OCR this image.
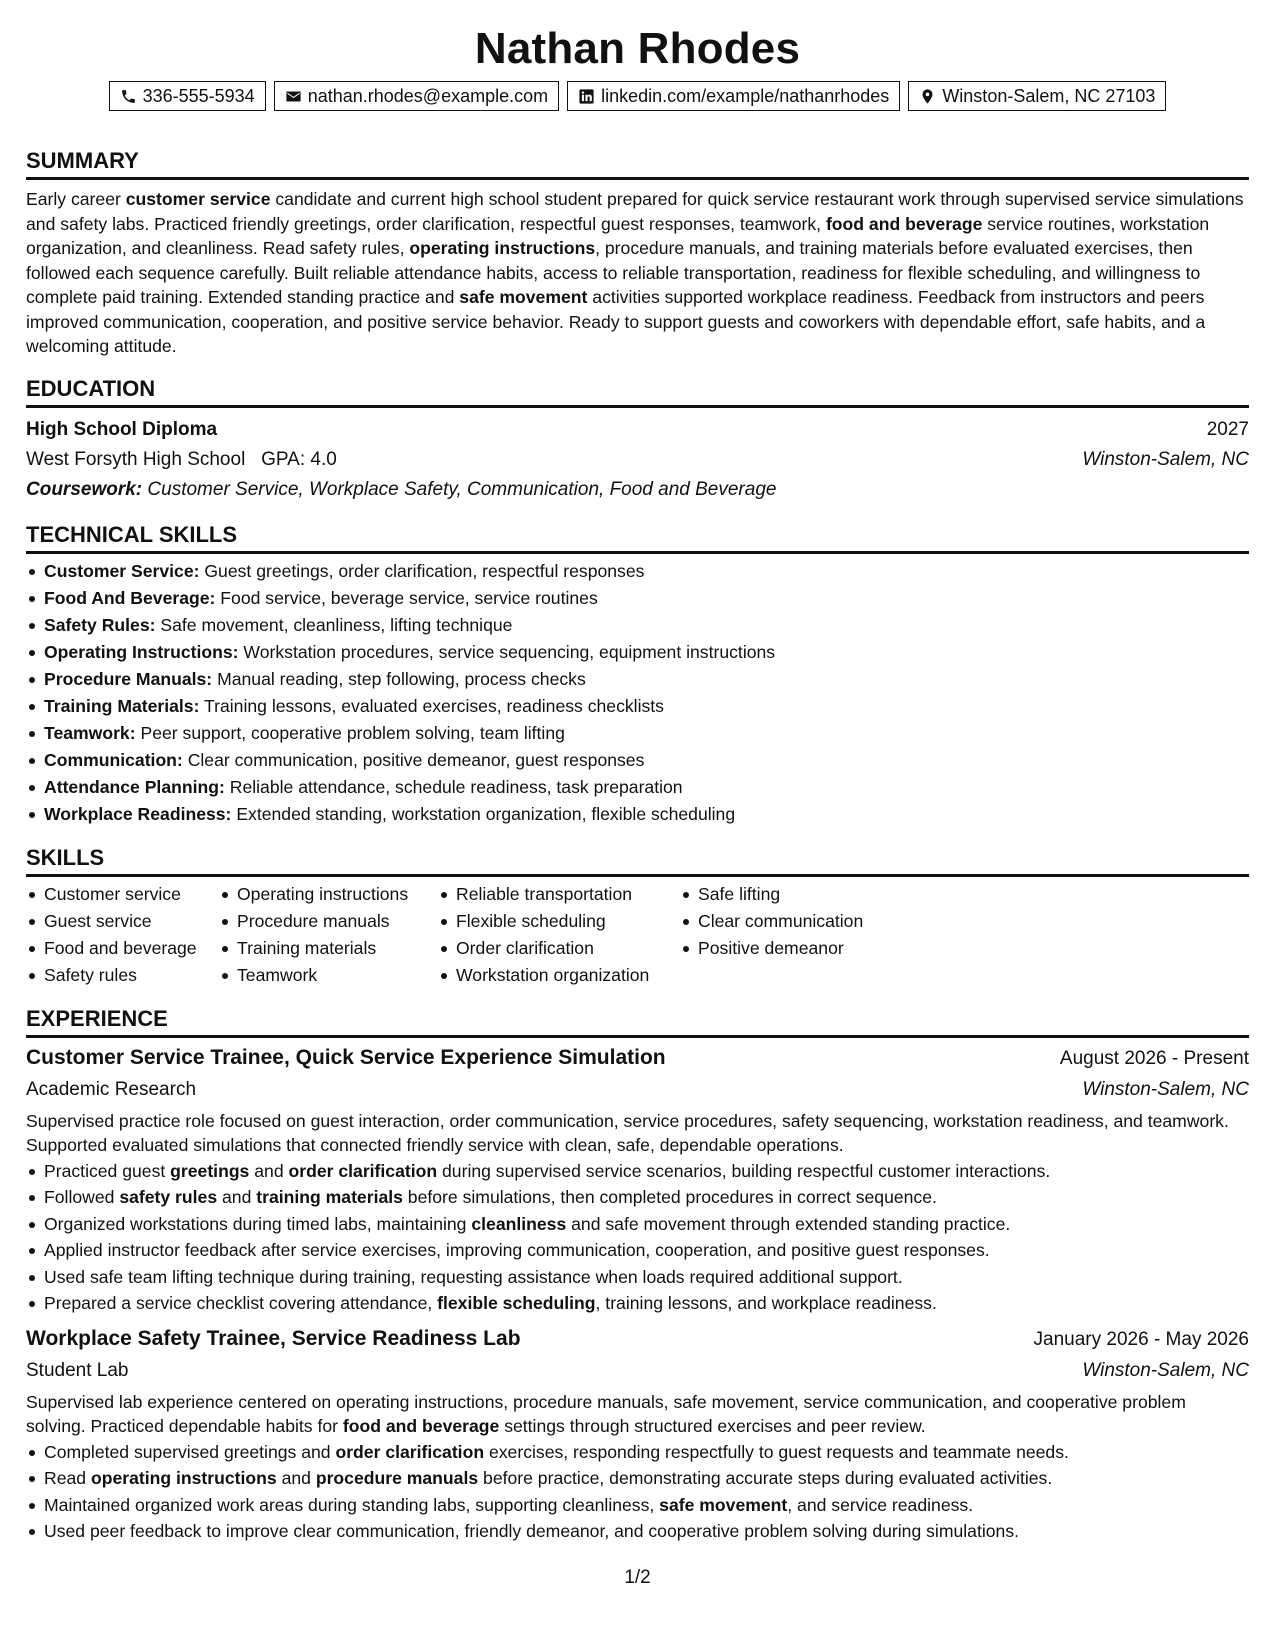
Nathan Rhodes
336-555-5934	nathan.rhodes@example.com	linkedin.com/example/nathanrhodes	Winston-Salem, NC 27103
SUMMARY
Early career customer service candidate and current high school student prepared for quick service restaurant work through supervised service simulations and safety labs. Practiced friendly greetings, order clarification, respectful guest responses, teamwork, food and beverage service routines, workstation organization, and cleanliness. Read safety rules, operating instructions, procedure manuals, and training materials before evaluated exercises, then followed each sequence carefully. Built reliable attendance habits, access to reliable transportation, readiness for flexible scheduling, and willingness to complete paid training. Extended standing practice and safe movement activities supported workplace readiness. Feedback from instructors and peers improved communication, cooperation, and positive service behavior. Ready to support guests and coworkers with dependable effort, safe habits, and a welcoming attitude.
EDUCATION
High School Diploma	2027
West Forsyth High School GPA: 4.0	Winston-Salem, NC
Coursework: Customer Service, Workplace Safety, Communication, Food and Beverage
TECHNICAL SKILLS
Customer Service: Guest greetings, order clarification, respectful responses
Food And Beverage: Food service, beverage service, service routines
Safety Rules: Safe movement, cleanliness, lifting technique
Operating Instructions: Workstation procedures, service sequencing, equipment instructions
Procedure Manuals: Manual reading, step following, process checks
Training Materials: Training lessons, evaluated exercises, readiness checklists
Teamwork: Peer support, cooperative problem solving, team lifting
Communication: Clear communication, positive demeanor, guest responses
Attendance Planning: Reliable attendance, schedule readiness, task preparation
Workplace Readiness: Extended standing, workstation organization, flexible scheduling
SKILLS
Customer service
Guest service
Food and beverage
Safety rules
Operating instructions
Procedure manuals
Training materials
Teamwork
Reliable transportation
Flexible scheduling
Order clarification
Workstation organization
Safe lifting
Clear communication
Positive demeanor
EXPERIENCE
Customer Service Trainee, Quick Service Experience Simulation	August 2026 - Present
Academic Research	Winston-Salem, NC
Supervised practice role focused on guest interaction, order communication, service procedures, safety sequencing, workstation readiness, and teamwork. Supported evaluated simulations that connected friendly service with clean, safe, dependable operations.
Practiced guest greetings and order clarification during supervised service scenarios, building respectful customer interactions.
Followed safety rules and training materials before simulations, then completed procedures in correct sequence.
Organized workstations during timed labs, maintaining cleanliness and safe movement through extended standing practice.
Applied instructor feedback after service exercises, improving communication, cooperation, and positive guest responses.
Used safe team lifting technique during training, requesting assistance when loads required additional support.
Prepared a service checklist covering attendance, flexible scheduling, training lessons, and workplace readiness.
Workplace Safety Trainee, Service Readiness Lab	January 2026 - May 2026
Student Lab	Winston-Salem, NC
Supervised lab experience centered on operating instructions, procedure manuals, safe movement, service communication, and cooperative problem solving. Practiced dependable habits for food and beverage settings through structured exercises and peer review.
Completed supervised greetings and order clarification exercises, responding respectfully to guest requests and teammate needs.
Read operating instructions and procedure manuals before practice, demonstrating accurate steps during evaluated activities.
Maintained organized work areas during standing labs, supporting cleanliness, safe movement, and service readiness.
Used peer feedback to improve clear communication, friendly demeanor, and cooperative problem solving during simulations.
1/2
